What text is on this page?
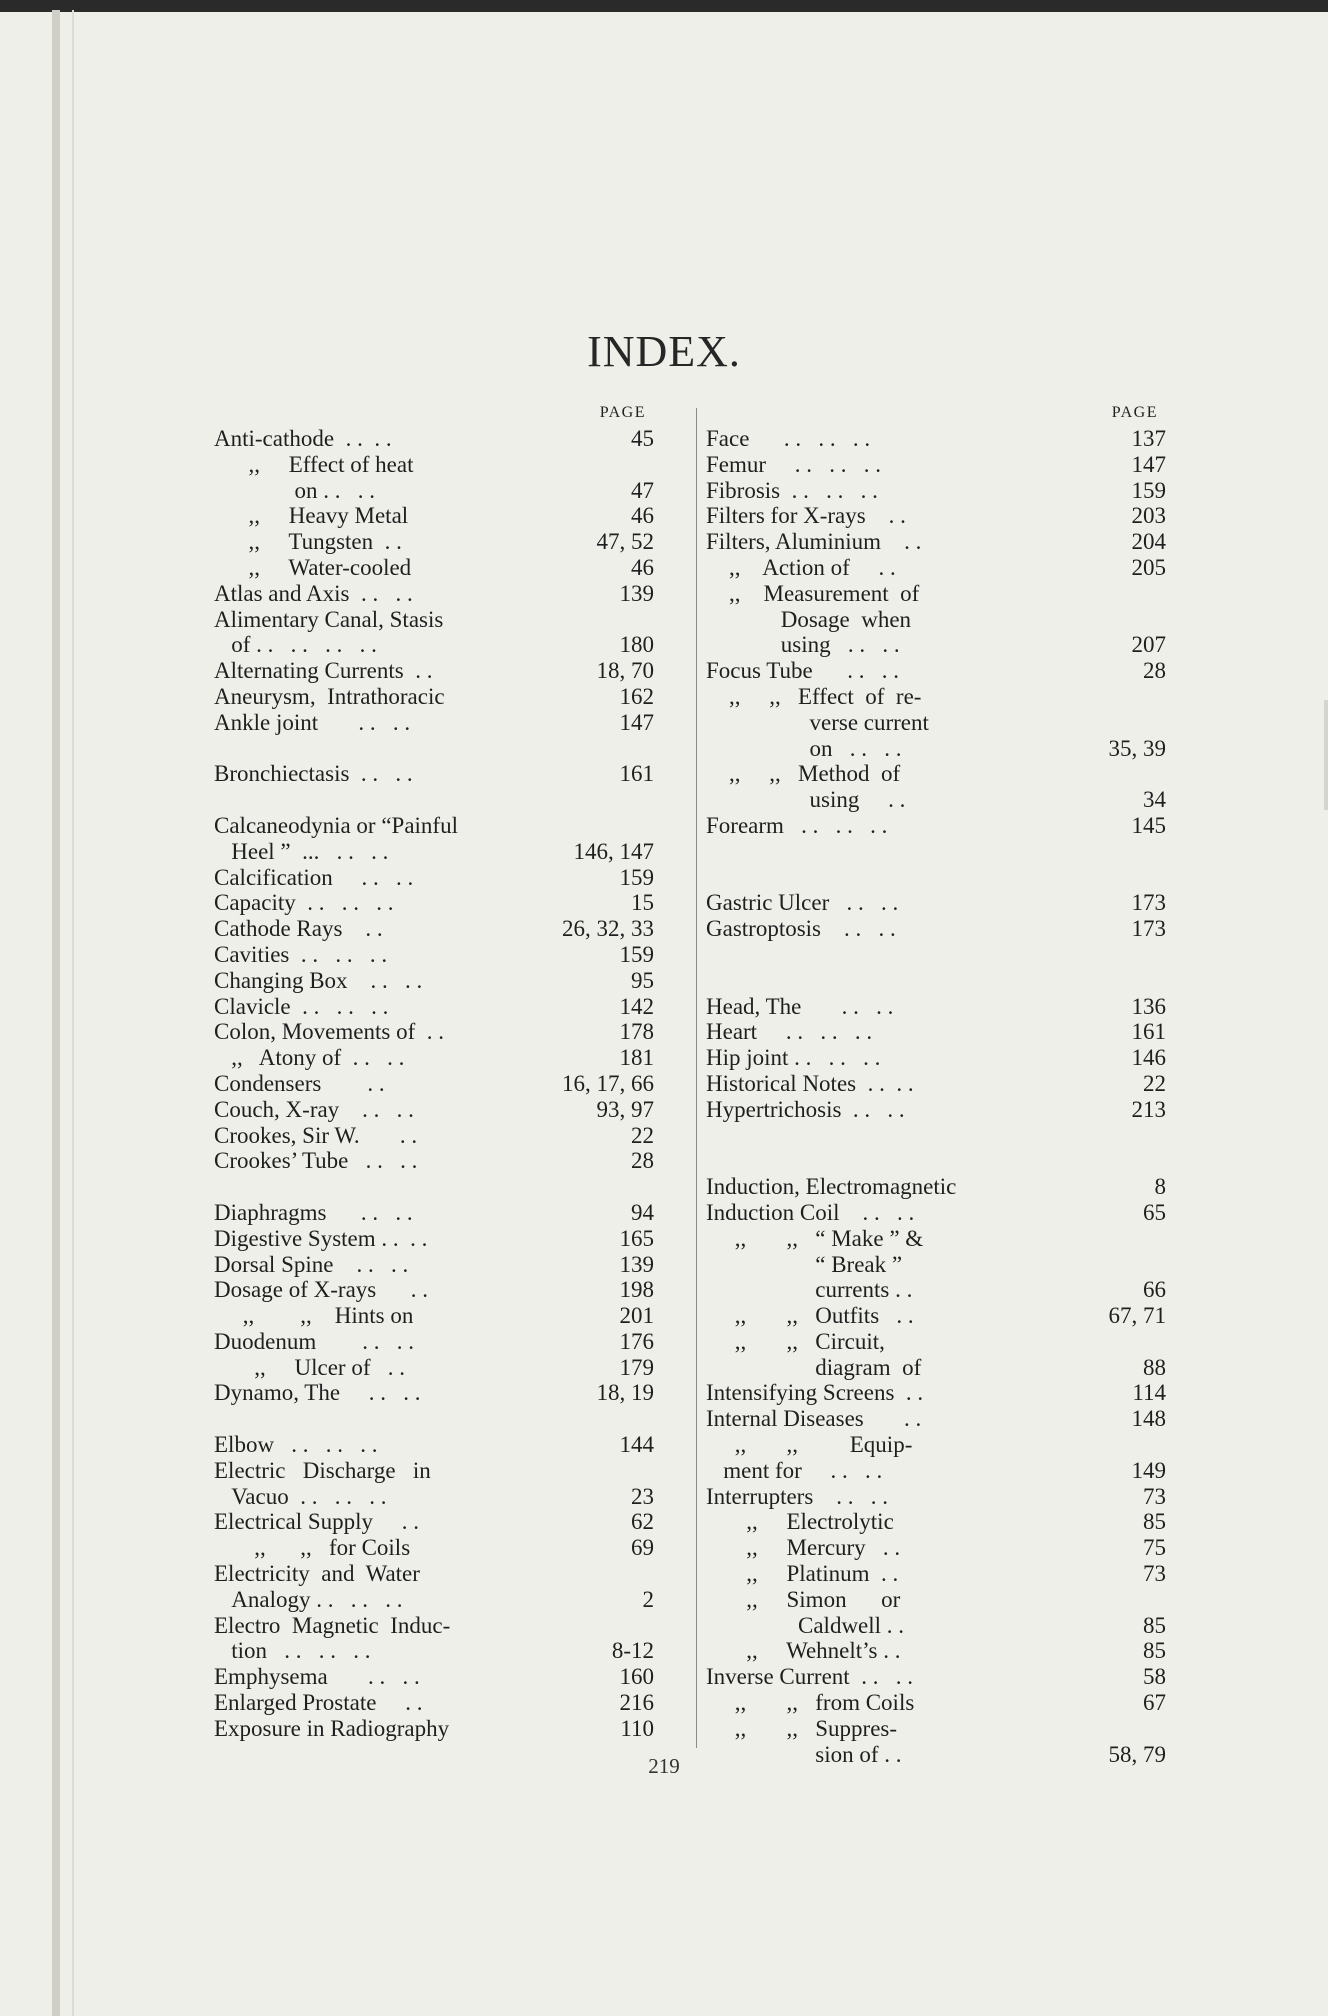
INDEX.
PAGE
Anti-cathode  . .  . .	45
,,     Effect of heat
on . .   . .	47
,,     Heavy Metal	46
,,     Tungsten  . .	47, 52
,,     Water-cooled	46
Atlas and Axis  . .   . .	139
Alimentary Canal, Stasis
of . .   . .   . .   . .	180
Alternating Currents  . .	18, 70
Aneurysm,  Intrathoracic	162
Ankle joint       . .   . .	147
Bronchiectasis  . .   . .	161
Calcaneodynia or “Painful
Heel ”  ...   . .   . .	146, 147
Calcification     . .   . .	159
Capacity  . .   . .   . .	15
Cathode Rays    . .	26, 32, 33
Cavities  . .   . .   . .	159
Changing Box    . .   . .	95
Clavicle  . .   . .   . .	142
Colon, Movements of  . .	178
,,   Atony of  . .   . .	181
Condensers        . .	16, 17, 66
Couch, X-ray    . .   . .	93, 97
Crookes, Sir W.       . .	22
Crookes’ Tube   . .   . .	28
Diaphragms      . .   . .	94
Digestive System . .  . .	165
Dorsal Spine    . .   . .	139
Dosage of X-rays      . .	198
,,        ,,    Hints on	201
Duodenum        . .   . .	176
,,     Ulcer of   . .	179
Dynamo, The     . .   . .	18, 19
Elbow   . .   . .   . .	144
Electric   Discharge   in
Vacuo  . .   . .   . .	23
Electrical Supply     . .	62
,,      ,,   for Coils	69
Electricity  and  Water
Analogy . .   . .   . .	2
Electro  Magnetic  Induc-
tion   . .   . .   . .	8-12
Emphysema       . .   . .	160
Enlarged Prostate     . .	216
Exposure in Radiography	110
PAGE
Face      . .   . .   . .	137
Femur     . .   . .   . .	147
Fibrosis  . .   . .   . .	159
Filters for X-rays    . .	203
Filters, Aluminium    . .	204
,,    Action of     . .	205
,,    Measurement  of
Dosage  when
using   . .   . .	207
Focus Tube      . .   . .	28
,,     ,,   Effect  of  re-
verse current
on   . .   . .	35, 39
,,     ,,   Method  of
using     . .	34
Forearm   . .   . .   . .	145
Gastric Ulcer   . .   . .	173
Gastroptosis    . .   . .	173
Head, The       . .   . .	136
Heart     . .   . .   . .	161
Hip joint . .   . .   . .	146
Historical Notes  . .  . .	22
Hypertrichosis  . .   . .	213
Induction, Electromagnetic	8
Induction Coil    . .   . .	65
,,       ,,   “ Make ” &
“ Break ”
currents . .	66
,,       ,,   Outfits   . .	67, 71
,,       ,,   Circuit,
diagram  of	88
Intensifying Screens  . .	114
Internal Diseases       . .	148
,,       ,,         Equip-
ment for     . .   . .	149
Interrupters    . .   . .	73
,,     Electrolytic	85
,,     Mercury   . .	75
,,     Platinum  . .	73
,,     Simon      or
Caldwell . .	85
,,     Wehnelt’s . .	85
Inverse Current  . .   . .	58
,,       ,,   from Coils	67
,,       ,,   Suppres-
sion of . .	58, 79
219
